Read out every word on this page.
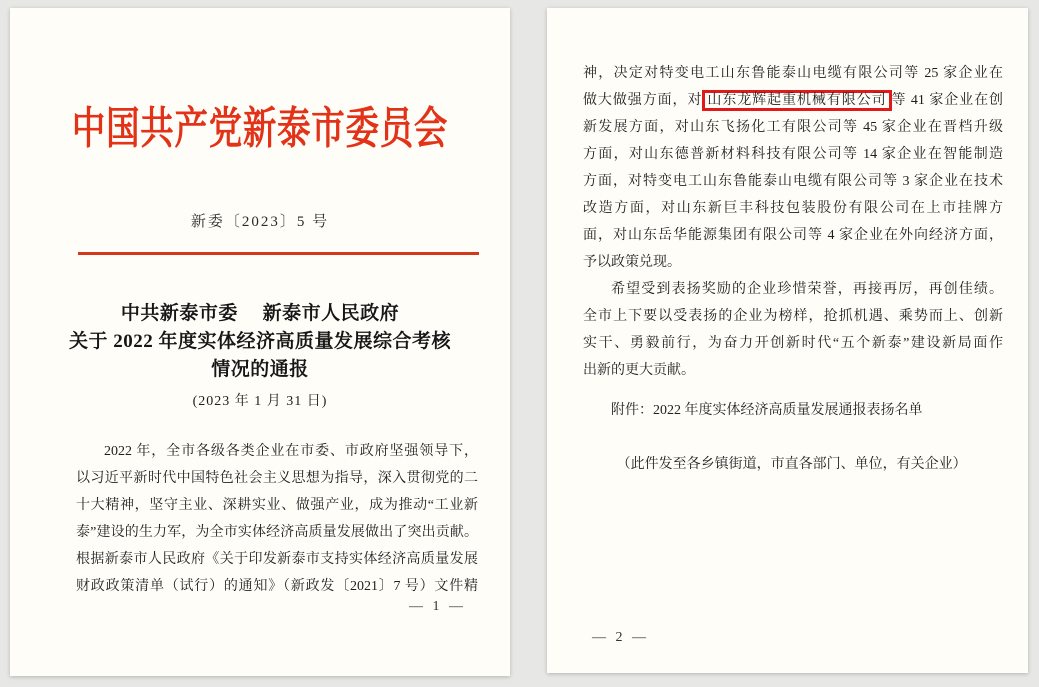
中国共产党新泰市委员会
新委〔2023〕5 号
中共新泰市委　 新泰市人民政府
关于 2022 年度实体经济高质量发展综合考核
情况的通报
(2023 年 1 月 31 日)
2022 年，全市各级各类企业在市委、市政府坚强领导下，
以习近平新时代中国特色社会主义思想为指导，深入贯彻党的二
十大精神，坚守主业、深耕实业、做强产业，成为推动“工业新
泰”建设的生力军，为全市实体经济高质量发展做出了突出贡献。
根据新泰市人民政府《关于印发新泰市支持实体经济高质量发展
财政政策清单（试行）的通知》（新政发〔2021〕7 号）文件精
— 1 —
神，决定对特变电工山东鲁能泰山电缆有限公司等 25 家企业在
做大做强方面，对 山东龙辉起重机械有限公司 等 41 家企业在创
新发展方面，对山东飞扬化工有限公司等 45 家企业在晋档升级
方面，对山东德普新材料科技有限公司等 14 家企业在智能制造
方面，对特变电工山东鲁能泰山电缆有限公司等 3 家企业在技术
改造方面，对山东新巨丰科技包装股份有限公司在上市挂牌方
面，对山东岳华能源集团有限公司等 4 家企业在外向经济方面，
予以政策兑现。
希望受到表扬奖励的企业珍惜荣誉，再接再厉，再创佳绩。
全市上下要以受表扬的企业为榜样，抢抓机遇、乘势而上、创新
实干、勇毅前行，为奋力开创新时代“五个新泰”建设新局面作
出新的更大贡献。
附件：2022 年度实体经济高质量发展通报表扬名单
（此件发至各乡镇街道，市直各部门、单位，有关企业）
— 2 —
